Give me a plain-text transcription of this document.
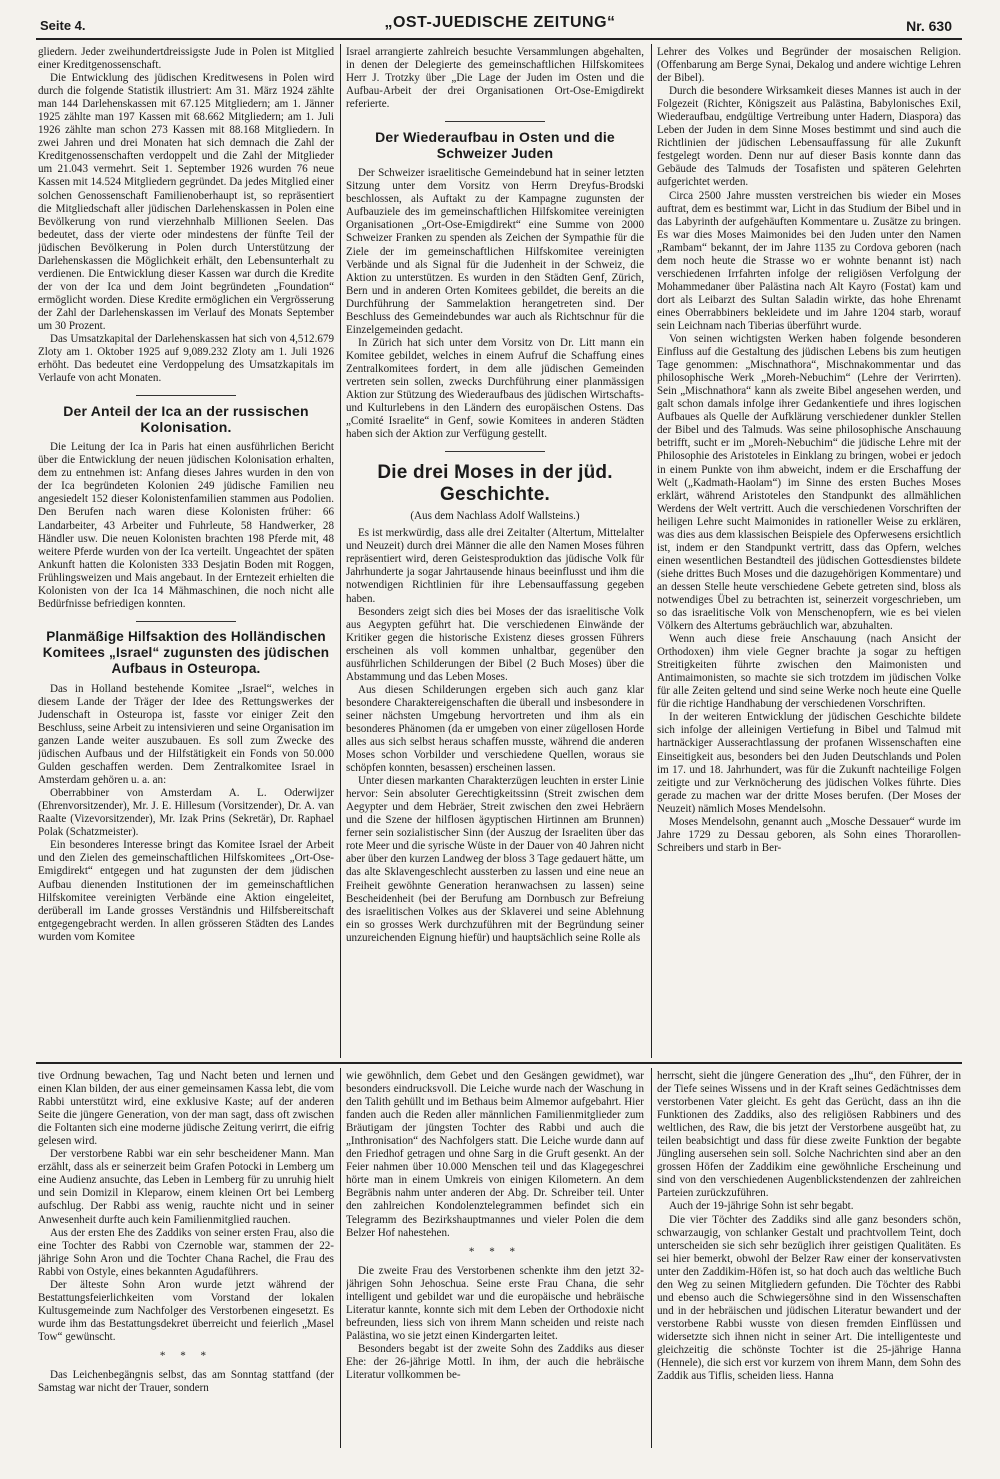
Seite 4.	„OST-JUEDISCHE ZEITUNG“	Nr. 630

gliedern. Jeder zweihundertdreissigste Jude in Polen ist Mitglied einer Kreditgenossenschaft.

Die Entwicklung des jüdischen Kreditwesens in Polen wird durch die folgende Statistik illustriert: Am 31. März 1924 zählte man 144 Darlehenskassen mit 67.125 Mitgliedern; am 1. Jänner 1925 zählte man 197 Kassen mit 68.662 Mitgliedern; am 1. Juli 1926 zählte man schon 273 Kassen mit 88.168 Mitgliedern. In zwei Jahren und drei Monaten hat sich demnach die Zahl der Kreditgenossenschaften verdoppelt und die Zahl der Mitglieder um 21.043 vermehrt. Seit 1. September 1926 wurden 76 neue Kassen mit 14.524 Mitgliedern gegründet. Da jedes Mitglied einer solchen Genossenschaft Familienoberhaupt ist, so repräsentiert die Mitgliedschaft aller jüdischen Darlehenskassen in Polen eine Bevölkerung von rund vierzehnhalb Millionen Seelen. Das bedeutet, dass der vierte oder mindestens der fünfte Teil der jüdischen Bevölkerung in Polen durch Unterstützung der Darlehenskassen die Möglichkeit erhält, den Lebensunterhalt zu verdienen. Die Entwicklung dieser Kassen war durch die Kredite der von der Ica und dem Joint begründeten „Foundation“ ermöglicht worden. Diese Kredite ermöglichen ein Vergrösserung der Zahl der Darlehenskassen im Verlauf des Monats September um 30 Prozent.

Das Umsatzkapital der Darlehenskassen hat sich von 4,512.679 Zloty am 1. Oktober 1925 auf 9,089.232 Zloty am 1. Juli 1926 erhöht. Das bedeutet eine Verdoppelung des Umsatzkapitals im Verlaufe von acht Monaten.

Der Anteil der Ica an der russischen Kolonisation.

Die Leitung der Ica in Paris hat einen ausführlichen Bericht über die Entwicklung der neuen jüdischen Kolonisation erhalten, dem zu entnehmen ist: Anfang dieses Jahres wurden in den von der Ica begründeten Kolonien 249 jüdische Familien neu angesiedelt 152 dieser Kolonistenfamilien stammen aus Podolien. Den Berufen nach waren diese Kolonisten früher: 66 Landarbeiter, 43 Arbeiter und Fuhrleute, 58 Handwerker, 28 Händler usw. Die neuen Kolonisten brachten 198 Pferde mit, 48 weitere Pferde wurden von der Ica verteilt. Ungeachtet der späten Ankunft hatten die Kolonisten 333 Desjatin Boden mit Roggen, Frühlingsweizen und Mais angebaut. In der Erntezeit erhielten die Kolonisten von der Ica 14 Mähmaschinen, die noch nicht alle Bedürfnisse befriedigen konnten.

Planmäßige Hilfsaktion des Holländischen Komitees „Israel“ zugunsten des jüdischen Aufbaus in Osteuropa.

Das in Holland bestehende Komitee „Israel“, welches in diesem Lande der Träger der Idee des Rettungswerkes der Judenschaft in Osteuropa ist, fasste vor einiger Zeit den Beschluss, seine Arbeit zu intensivieren und seine Organisation im ganzen Lande weiter auszubauen. Es soll zum Zwecke des jüdischen Aufbaus und der Hilfstätigkeit ein Fonds von 50.000 Gulden geschaffen werden. Dem Zentralkomitee Israel in Amsterdam gehören u. a. an:

Oberrabbiner von Amsterdam A. L. Oderwijzer (Ehrenvorsitzender), Mr. J. E. Hillesum (Vorsitzender), Dr. A. van Raalte (Vizevorsitzender), Mr. Izak Prins (Sekretär), Dr. Raphael Polak (Schatzmeister).

Ein besonderes Interesse bringt das Komitee Israel der Arbeit und den Zielen des gemeinschaftlichen Hilfskomitees „Ort-Ose-Emigdirekt“ entgegen und hat zugunsten der dem jüdischen Aufbau dienenden Institutionen der im gemeinschaftlichen Hilfskomitee vereinigten Verbände eine Aktion eingeleitet, derüberall im Lande grosses Verständnis und Hilfsbereitschaft entgegengebracht werden. In allen grösseren Städten des Landes wurden vom Komitee

Israel arrangierte zahlreich besuchte Versammlungen abgehalten, in denen der Delegierte des gemeinschaftlichen Hilfskomitees Herr J. Trotzky über „Die Lage der Juden im Osten und die Aufbau-Arbeit der drei Organisationen Ort-Ose-Emigdirekt referierte.

Der Wiederaufbau in Osten und die Schweizer Juden

Der Schweizer israelitische Gemeindebund hat in seiner letzten Sitzung unter dem Vorsitz von Herrn Dreyfus-Brodski beschlossen, als Auftakt zu der Kampagne zugunsten der Aufbauziele des im gemeinschaftlichen Hilfskomitee vereinigten Organisationen „Ort-Ose-Emigdirekt“ eine Summe von 2000 Schweizer Franken zu spenden als Zeichen der Sympathie für die Ziele der im gemeinschaftlichen Hilfskomitee vereinigten Verbände und als Signal für die Judenheit in der Schweiz, die Aktion zu unterstützen. Es wurden in den Städten Genf, Zürich, Bern und in anderen Orten Komitees gebildet, die bereits an die Durchführung der Sammelaktion herangetreten sind. Der Beschluss des Gemeindebundes war auch als Richtschnur für die Einzelgemeinden gedacht.

In Zürich hat sich unter dem Vorsitz von Dr. Litt mann ein Komitee gebildet, welches in einem Aufruf die Schaffung eines Zentralkomitees fordert, in dem alle jüdischen Gemeinden vertreten sein sollen, zwecks Durchführung einer planmässigen Aktion zur Stützung des Wiederaufbaus des jüdischen Wirtschafts- und Kulturlebens in den Ländern des europäischen Ostens. Das „Comité Israelite“ in Genf, sowie Komitees in anderen Städten haben sich der Aktion zur Verfügung gestellt.

Die drei Moses in der jüd. Geschichte.
(Aus dem Nachlass Adolf Wallsteins.)

Es ist merkwürdig, dass alle drei Zeitalter (Altertum, Mittelalter und Neuzeit) durch drei Männer die alle den Namen Moses führen repräsentiert wird, deren Geistesproduktion das jüdische Volk für Jahrhunderte ja sogar Jahrtausende hinaus beeinflusst und ihm die notwendigen Richtlinien für ihre Lebensauffassung gegeben haben.

Besonders zeigt sich dies bei Moses der das israelitische Volk aus Aegypten geführt hat. Die verschiedenen Einwände der Kritiker gegen die historische Existenz dieses grossen Führers erscheinen als voll kommen unhaltbar, gegenüber den ausführlichen Schilderungen der Bibel (2 Buch Moses) über die Abstammung und das Leben Moses.

Aus diesen Schilderungen ergeben sich auch ganz klar besondere Charaktereigenschaften die überall und insbesondere in seiner nächsten Umgebung hervortreten und ihm als ein besonderes Phänomen (da er umgeben von einer zügellosen Horde alles aus sich selbst heraus schaffen musste, während die anderen Moses schon Vorbilder und verschiedene Quellen, woraus sie schöpfen konnten, besassen) erscheinen lassen.

Unter diesen markanten Charakterzügen leuchten in erster Linie hervor: Sein absoluter Gerechtigkeitssinn (Streit zwischen dem Aegypter und dem Hebräer, Streit zwischen den zwei Hebräern und die Szene der hilflosen ägyptischen Hirtinnen am Brunnen) ferner sein sozialistischer Sinn (der Auszug der Israeliten über das rote Meer und die syrische Wüste in der Dauer von 40 Jahren nicht aber über den kurzen Landweg der bloss 3 Tage gedauert hätte, um das alte Sklavengeschlecht aussterben zu lassen und eine neue an Freiheit gewöhnte Generation heranwachsen zu lassen) seine Bescheidenheit (bei der Berufung am Dornbusch zur Befreiung des israelitischen Volkes aus der Sklaverei und seine Ablehnung ein so grosses Werk durchzuführen mit der Begründung seiner unzureichenden Eignung hiefür) und hauptsächlich seine Rolle als

Lehrer des Volkes und Begründer der mosaischen Religion. (Offenbarung am Berge Synai, Dekalog und andere wichtige Lehren der Bibel).

Durch die besondere Wirksamkeit dieses Mannes ist auch in der Folgezeit (Richter, Königszeit aus Palästina, Babylonisches Exil, Wiederaufbau, endgültige Vertreibung unter Hadern, Diaspora) das Leben der Juden in dem Sinne Moses bestimmt und sind auch die Richtlinien der jüdischen Lebensauffassung für alle Zukunft festgelegt worden. Denn nur auf dieser Basis konnte dann das Gebäude des Talmuds der Tosafisten und späteren Gelehrten aufgerichtet werden.

Circa 2500 Jahre mussten verstreichen bis wieder ein Moses auftrat, dem es bestimmt war, Licht in das Studium der Bibel und in das Labyrinth der aufgehäuften Kommentare u. Zusätze zu bringen. Es war dies Moses Maimonides bei den Juden unter den Namen „Rambam“ bekannt, der im Jahre 1135 zu Cordova geboren (nach dem noch heute die Strasse wo er wohnte benannt ist) nach verschiedenen Irrfahrten infolge der religiösen Verfolgung der Mohammedaner über Palästina nach Alt Kayro (Fostat) kam und dort als Leibarzt des Sultan Saladin wirkte, das hohe Ehrenamt eines Oberrabbiners bekleidete und im Jahre 1204 starb, worauf sein Leichnam nach Tiberias überführt wurde.

Von seinen wichtigsten Werken haben folgende besonderen Einfluss auf die Gestaltung des jüdischen Lebens bis zum heutigen Tage genommen: „Mischnathora“, Mischnakommentar und das philosophische Werk „Moreh-Nebuchim“ (Lehre der Verirrten). Sein „Mischnathora“ kann als zweite Bibel angesehen werden, und galt schon damals infolge ihrer Gedankentiefe und ihres logischen Aufbaues als Quelle der Aufklärung verschiedener dunkler Stellen der Bibel und des Talmuds. Was seine philosophische Anschauung betrifft, sucht er im „Moreh-Nebuchim“ die jüdische Lehre mit der Philosophie des Aristoteles in Einklang zu bringen, wobei er jedoch in einem Punkte von ihm abweicht, indem er die Erschaffung der Welt („Kadmath-Haolam“) im Sinne des ersten Buches Moses erklärt, während Aristoteles den Standpunkt des allmählichen Werdens der Welt vertritt. Auch die verschiedenen Vorschriften der heiligen Lehre sucht Maimonides in rationeller Weise zu erklären, was dies aus dem klassischen Beispiele des Opferwesens ersichtlich ist, indem er den Standpunkt vertritt, dass das Opfern, welches einen wesentlichen Bestandteil des jüdischen Gottesdienstes bildete (siehe drittes Buch Moses und die dazugehörigen Kommentare) und an dessen Stelle heute verschiedene Gebete getreten sind, bloss als notwendiges Übel zu betrachten ist, seinerzeit vorgeschrieben, um so das israelitische Volk von Menschenopfern, wie es bei vielen Völkern des Altertums gebräuchlich war, abzuhalten.

Wenn auch diese freie Anschauung (nach Ansicht der Orthodoxen) ihm viele Gegner brachte ja sogar zu heftigen Streitigkeiten führte zwischen den Maimonisten und Antimaimonisten, so machte sie sich trotzdem im jüdischen Volke für alle Zeiten geltend und sind seine Werke noch heute eine Quelle für die richtige Handhabung der verschiedenen Vorschriften.

In der weiteren Entwicklung der jüdischen Geschichte bildete sich infolge der alleinigen Vertiefung in Bibel und Talmud mit hartnäckiger Ausserachtlassung der profanen Wissenschaften eine Einseitigkeit aus, besonders bei den Juden Deutschlands und Polen im 17. und 18. Jahrhundert, was für die Zukunft nachteilige Folgen zeitigte und zur Verknöcherung des jüdischen Volkes führte. Dies gerade zu machen war der dritte Moses berufen. (Der Moses der Neuzeit) nämlich Moses Mendelsohn.

Moses Mendelsohn, genannt auch „Mosche Dessauer“ wurde im Jahre 1729 zu Dessau geboren, als Sohn eines Thorarollen-Schreibers und starb in Ber-

tive Ordnung bewachen, Tag und Nacht beten und lernen und einen Klan bilden, der aus einer gemeinsamen Kassa lebt, die vom Rabbi unterstützt wird, eine exklusive Kaste; auf der anderen Seite die jüngere Generation, von der man sagt, dass oft zwischen die Foltanten sich eine moderne jüdische Zeitung verirrt, die eifrig gelesen wird.

Der verstorbene Rabbi war ein sehr bescheidener Mann. Man erzählt, dass als er seinerzeit beim Grafen Potocki in Lemberg um eine Audienz ansuchte, das Leben in Lemberg für zu unruhig hielt und sein Domizil in Kleparow, einem kleinen Ort bei Lemberg aufschlug. Der Rabbi ass wenig, rauchte nicht und in seiner Anwesenheit durfte auch kein Familienmitglied rauchen.

Aus der ersten Ehe des Zaddiks von seiner ersten Frau, also die eine Tochter des Rabbi von Czernoble war, stammen der 22-jährige Sohn Aron und die Tochter Chana Rachel, die Frau des Rabbi von Ostyle, eines bekannten Agudaführers.

Der älteste Sohn Aron wurde jetzt während der Bestattungsfeierlichkeiten vom Vorstand der lokalen Kultusgemeinde zum Nachfolger des Verstorbenen eingesetzt. Es wurde ihm das Bestattungsdekret überreicht und feierlich „Masel Tow“ gewünscht.

* * *

Das Leichenbegängnis selbst, das am Sonntag stattfand (der Samstag war nicht der Trauer, sondern

wie gewöhnlich, dem Gebet und den Gesängen gewidmet), war besonders eindrucksvoll. Die Leiche wurde nach der Waschung in den Talith gehüllt und im Bethaus beim Almemor aufgebahrt. Hier fanden auch die Reden aller männlichen Familienmitglieder zum Bräutigam der jüngsten Tochter des Rabbi und auch die „Inthronisation“ des Nachfolgers statt. Die Leiche wurde dann auf den Friedhof getragen und ohne Sarg in die Gruft gesenkt. An der Feier nahmen über 10.000 Menschen teil und das Klagegeschrei hörte man in einem Umkreis von einigen Kilometern. An dem Begräbnis nahm unter anderen der Abg. Dr. Schreiber teil. Unter den zahlreichen Kondolenztelegrammen befindet sich ein Telegramm des Bezirkshauptmannes und vieler Polen die dem Belzer Hof nahestehen.

* * *

Die zweite Frau des Verstorbenen schenkte ihm den jetzt 32-jährigen Sohn Jehoschua. Seine erste Frau Chana, die sehr intelligent und gebildet war und die europäische und hebräische Literatur kannte, konnte sich mit dem Leben der Orthodoxie nicht befreunden, liess sich von ihrem Mann scheiden und reiste nach Palästina, wo sie jetzt einen Kindergarten leitet.

Besonders begabt ist der zweite Sohn des Zaddiks aus dieser Ehe: der 26-jährige Mottl. In ihm, der auch die hebräische Literatur vollkommen be-

herrscht, sieht die jüngere Generation des „Ihu“, den Führer, der in der Tiefe seines Wissens und in der Kraft seines Gedächtnisses dem verstorbenen Vater gleicht. Es geht das Gerücht, dass an ihn die Funktionen des Zaddiks, also des religiösen Rabbiners und des weltlichen, des Raw, die bis jetzt der Verstorbene ausgeübt hat, zu teilen beabsichtigt und dass für diese zweite Funktion der begabte Jüngling ausersehen sein soll. Solche Nachrichten sind aber an den grossen Höfen der Zaddikim eine gewöhnliche Erscheinung und sind von den verschiedenen Augenblickstendenzen der zahlreichen Parteien zurückzuführen.

Auch der 19-jährige Sohn ist sehr begabt.

Die vier Töchter des Zaddiks sind alle ganz besonders schön, schwarzaugig, von schlanker Gestalt und prachtvollem Teint, doch unterscheiden sie sich sehr bezüglich ihrer geistigen Qualitäten. Es sei hier bemerkt, obwohl der Belzer Raw einer der konservativsten unter den Zaddikim-Höfen ist, so hat doch auch das weltliche Buch den Weg zu seinen Mitgliedern gefunden. Die Töchter des Rabbi und ebenso auch die Schwiegersöhne sind in den Wissenschaften und in der hebräischen und jüdischen Literatur bewandert und der verstorbene Rabbi wusste von diesen fremden Einflüssen und widersetzte sich ihnen nicht in seiner Art. Die intelligenteste und gleichzeitig die schönste Tochter ist die 25-jährige Hanna (Hennele), die sich erst vor kurzem von ihrem Mann, dem Sohn des Zaddik aus Tiflis, scheiden liess. Hanna
